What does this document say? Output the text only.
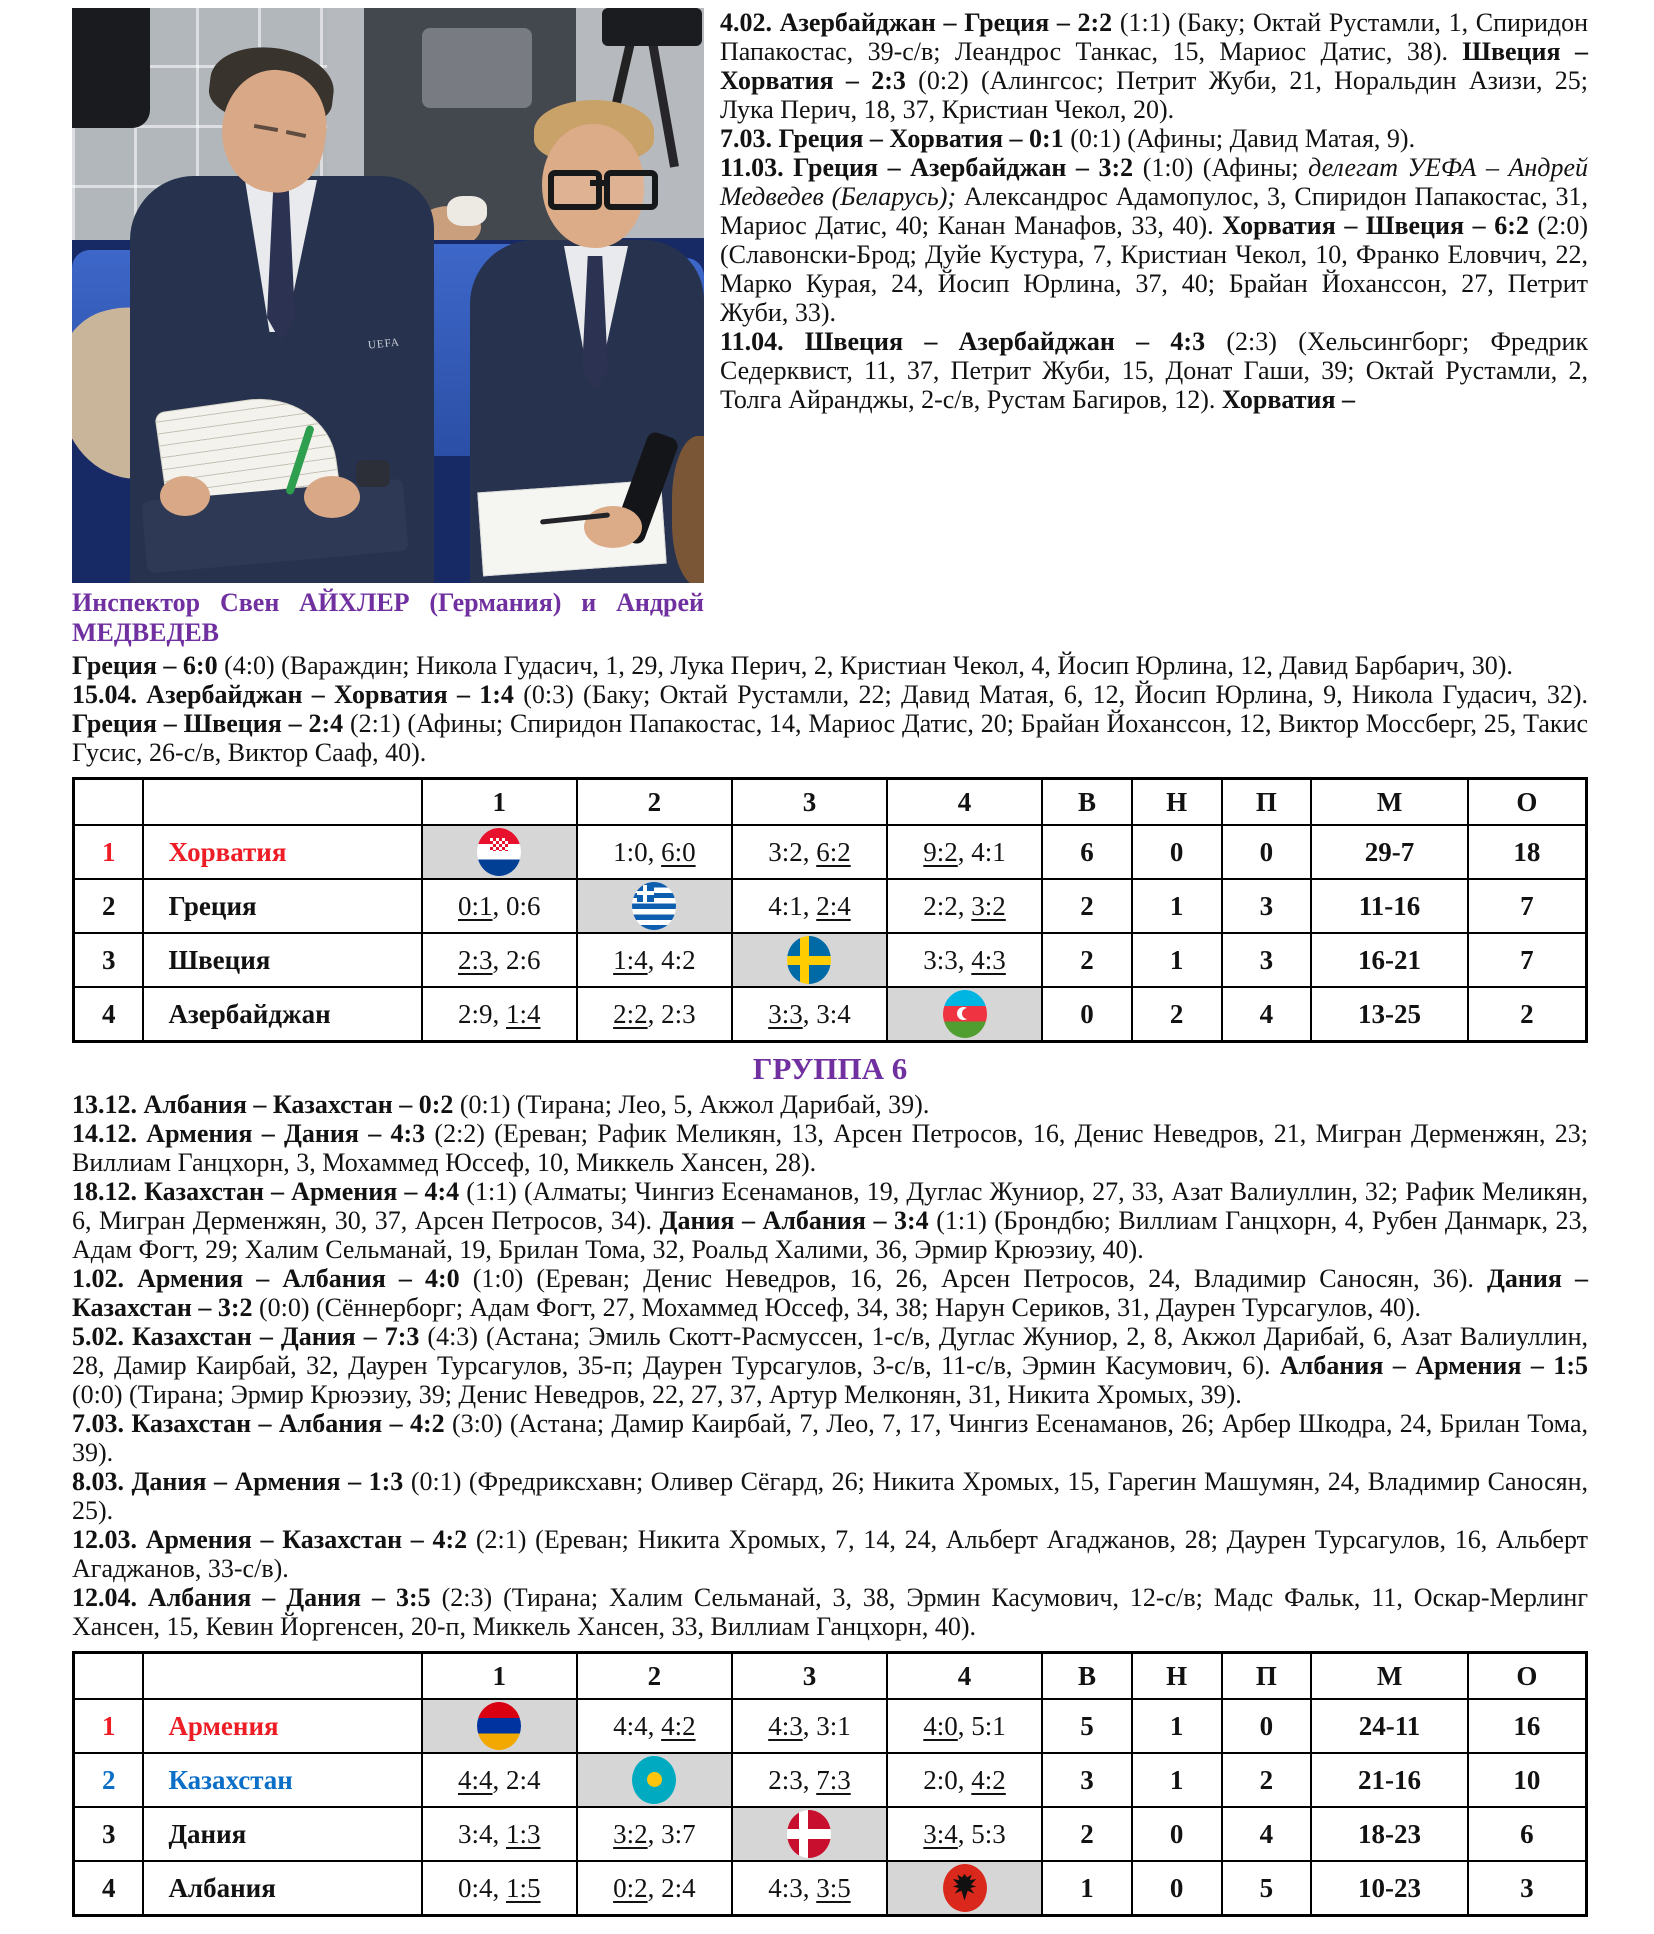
UEFA
Инспектор Свен АЙХЛЕР (Германия) и Андрей МЕДВЕДЕВ

4.02. Азербайджан – Греция – 2:2 (1:1) (Баку; Октай Рустамли, 1, Спиридон Папакостас, 39-с/в; Леандрос Танкас, 15, Мариос Датис, 38). Швеция – Хорватия – 2:3 (0:2) (Алингсос; Петрит Жуби, 21, Норальдин Азизи, 25; Лука Перич, 18, 37, Кристиан Чекол, 20).

7.03. Греция – Хорватия – 0:1 (0:1) (Афины; Давид Матая, 9).

11.03. Греция – Азербайджан – 3:2 (1:0) (Афины; делегат УЕФА – Андрей Медведев (Беларусь); Александрос Адамопулос, 3, Спиридон Папакостас, 31, Мариос Датис, 40; Канан Манафов, 33, 40). Хорватия – Швеция – 6:2 (2:0) (Славонски-Брод; Дуйе Кустура, 7, Кристиан Чекол, 10, Франко Еловчич, 22, Марко Курая, 24, Йосип Юрлина, 37, 40; Брайан Йоханссон, 27, Петрит Жуби, 33).

11.04. Швеция – Азербайджан – 4:3 (2:3) (Хельсингборг; Фредрик Седерквист, 11, 37, Петрит Жуби, 15, Донат Гаши, 39; Октай Рустамли, 2, Толга Айранджы, 2-с/в, Рустам Багиров, 12). Хорватия –

Греция – 6:0 (4:0) (Вараждин; Никола Гудасич, 1, 29, Лука Перич, 2, Кристиан Чекол, 4, Йосип Юрлина, 12, Давид Барбарич, 30).

15.04. Азербайджан – Хорватия – 1:4 (0:3) (Баку; Октай Рустамли, 22; Давид Матая, 6, 12, Йосип Юрлина, 9, Никола Гудасич, 32). Греция – Швеция – 2:4 (2:1) (Афины; Спиридон Папакостас, 14, Мариос Датис, 20; Брайан Йоханссон, 12, Виктор Моссберг, 25, Такис Гусис, 26-с/в, Виктор Сааф, 40).

		1	2	3	4	В	Н	П	М	О
1	Хорватия		1:0, 6:0	3:2, 6:2	9:2, 4:1	6	0	0	29-7	18
2	Греция	0:1, 0:6		4:1, 2:4	2:2, 3:2	2	1	3	11-16	7
3	Швеция	2:3, 2:6	1:4, 4:2		3:3, 4:3	2	1	3	16-21	7
4	Азербайджан	2:9, 1:4	2:2, 2:3	3:3, 3:4		0	2	4	13-25	2
ГРУППА 6

13.12. Албания – Казахстан – 0:2 (0:1) (Тирана; Лео, 5, Акжол Дарибай, 39).

14.12. Армения – Дания – 4:3 (2:2) (Ереван; Рафик Меликян, 13, Арсен Петросов, 16, Денис Неведров, 21, Мигран Дерменжян, 23; Виллиам Ганцхорн, 3, Мохаммед Юссеф, 10, Миккель Хансен, 28).

18.12. Казахстан – Армения – 4:4 (1:1) (Алматы; Чингиз Есенаманов, 19, Дуглас Жуниор, 27, 33, Азат Валиуллин, 32; Рафик Меликян, 6, Мигран Дерменжян, 30, 37, Арсен Петросов, 34). Дания – Албания – 3:4 (1:1) (Брондбю; Виллиам Ганцхорн, 4, Рубен Данмарк, 23, Адам Фогт, 29; Халим Сельманай, 19, Брилан Тома, 32, Роальд Халими, 36, Эрмир Крюэзиу, 40).

1.02. Армения – Албания – 4:0 (1:0) (Ереван; Денис Неведров, 16, 26, Арсен Петросов, 24, Владимир Саносян, 36). Дания – Казахстан – 3:2 (0:0) (Сённерборг; Адам Фогт, 27, Мохаммед Юссеф, 34, 38; Нарун Сериков, 31, Даурен Турсагулов, 40).

5.02. Казахстан – Дания – 7:3 (4:3) (Астана; Эмиль Скотт-Расмуссен, 1-с/в, Дуглас Жуниор, 2, 8, Акжол Дарибай, 6, Азат Валиуллин, 28, Дамир Каирбай, 32, Даурен Турсагулов, 35-п; Даурен Турсагулов, 3-с/в, 11-с/в, Эрмин Касумович, 6). Албания – Армения – 1:5 (0:0) (Тирана; Эрмир Крюэзиу, 39; Денис Неведров, 22, 27, 37, Артур Мелконян, 31, Никита Хромых, 39).

7.03. Казахстан – Албания – 4:2 (3:0) (Астана; Дамир Каирбай, 7, Лео, 7, 17, Чингиз Есенаманов, 26; Арбер Шкодра, 24, Брилан Тома, 39).

8.03. Дания – Армения – 1:3 (0:1) (Фредриксхавн; Оливер Сёгард, 26; Никита Хромых, 15, Гарегин Машумян, 24, Владимир Саносян, 25).

12.03. Армения – Казахстан – 4:2 (2:1) (Ереван; Никита Хромых, 7, 14, 24, Альберт Агаджанов, 28; Даурен Турсагулов, 16, Альберт Агаджанов, 33-с/в).

12.04. Албания – Дания – 3:5 (2:3) (Тирана; Халим Сельманай, 3, 38, Эрмин Касумович, 12-с/в; Мадс Фальк, 11, Оскар-Мерлинг Хансен, 15, Кевин Йоргенсен, 20-п, Миккель Хансен, 33, Виллиам Ганцхорн, 40).

		1	2	3	4	В	Н	П	М	О
1	Армения		4:4, 4:2	4:3, 3:1	4:0, 5:1	5	1	0	24-11	16
2	Казахстан	4:4, 2:4		2:3, 7:3	2:0, 4:2	3	1	2	21-16	10
3	Дания	3:4, 1:3	3:2, 3:7		3:4, 5:3	2	0	4	18-23	6
4	Албания	0:4, 1:5	0:2, 2:4	4:3, 3:5		1	0	5	10-23	3
